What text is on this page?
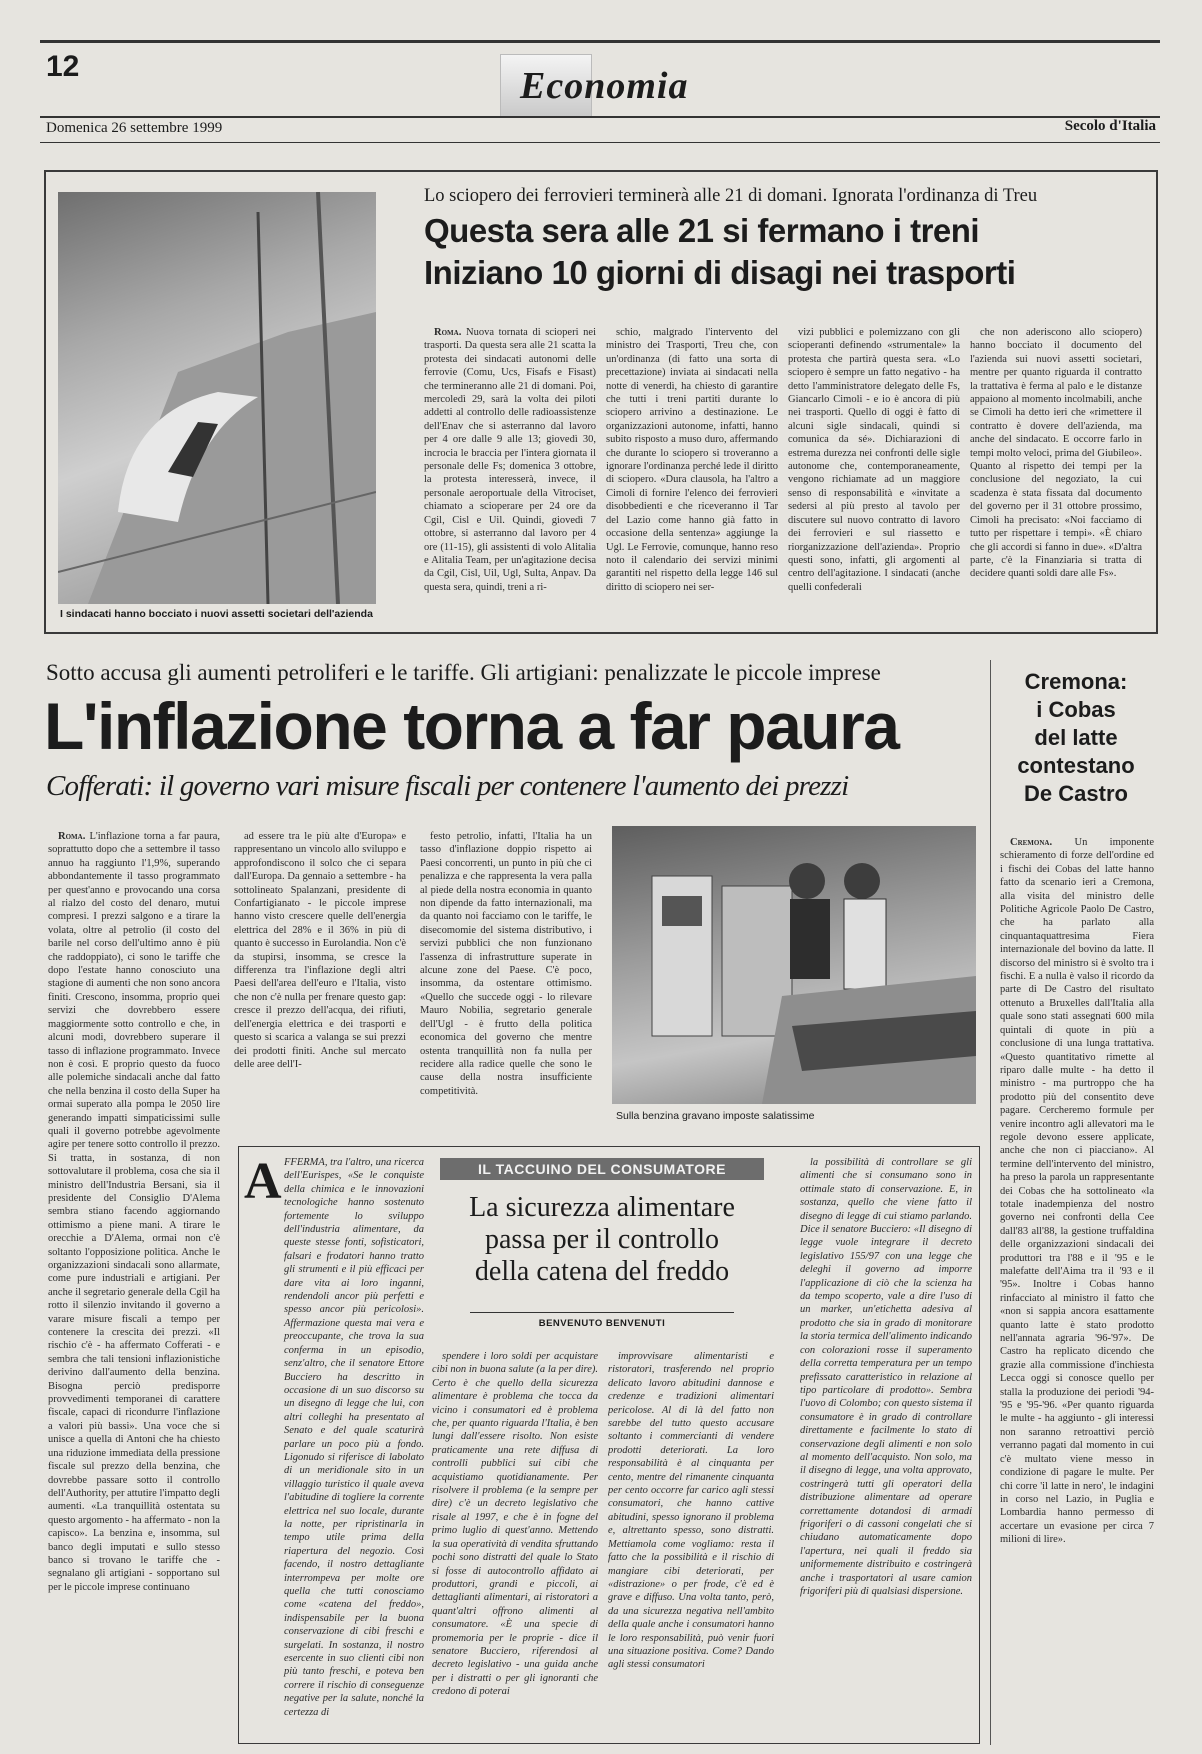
12	Economia
Domenica 26 settembre 1999	Secolo d'Italia
I sindacati hanno bocciato i nuovi assetti societari dell'azienda
Lo sciopero dei ferrovieri terminerà alle 21 di domani. Ignorata l'ordinanza di Treu
Questa sera alle 21 si fermano i treni
Iniziano 10 giorni di disagi nei trasporti

Roma. Nuova tornata di scioperi nei trasporti. Da questa sera alle 21 scatta la protesta dei sindacati autonomi delle ferrovie (Comu, Ucs, Fisafs e Fisast) che termineranno alle 21 di domani. Poi, mercoledì 29, sarà la volta dei piloti addetti al controllo delle radioassistenze dell'Enav che si asterranno dal lavoro per 4 ore dalle 9 alle 13; giovedì 30, incrocia le braccia per l'intera giornata il personale delle Fs; domenica 3 ottobre, la protesta interesserà, invece, il personale aeroportuale della Vitrociset, chiamato a scioperare per 24 ore da Cgil, Cisl e Uil. Quindi, giovedì 7 ottobre, si asterranno dal lavoro per 4 ore (11-15), gli assistenti di volo Alitalia e Alitalia Team, per un'agitazione decisa da Cgil, Cisl, Uil, Ugl, Sulta, Anpav. Da questa sera, quindi, treni a ri-

schio, malgrado l'intervento del ministro dei Trasporti, Treu che, con un'ordinanza (di fatto una sorta di precettazione) inviata ai sindacati nella notte di venerdì, ha chiesto di garantire che tutti i treni partiti durante lo sciopero arrivino a destinazione. Le organizzazioni autonome, infatti, hanno subito risposto a muso duro, affermando che durante lo sciopero si troveranno a ignorare l'ordinanza perché lede il diritto di sciopero. «Dura clausola, ha l'altro a Cimoli di fornire l'elenco dei ferrovieri disobbedienti e che riceveranno il Tar del Lazio come hanno già fatto in occasione della sentenza» aggiunge la Ugl. Le Ferrovie, comunque, hanno reso noto il calendario dei servizi minimi garantiti nel rispetto della legge 146 sul diritto di sciopero nei ser-

vizi pubblici e polemizzano con gli scioperanti definendo «strumentale» la protesta che partirà questa sera. «Lo sciopero è sempre un fatto negativo - ha detto l'amministratore delegato delle Fs, Giancarlo Cimoli - e io è ancora di più nei trasporti. Quello di oggi è fatto di alcuni sigle sindacali, quindi si comunica da sé». Dichiarazioni di estrema durezza nei confronti delle sigle autonome che, contemporaneamente, vengono richiamate ad un maggiore senso di responsabilità e «invitate a sedersi al più presto al tavolo per discutere sul nuovo contratto di lavoro dei ferrovieri e sul riassetto e riorganizzazione dell'azienda». Proprio questi sono, infatti, gli argomenti al centro dell'agitazione. I sindacati (anche quelli confederali

che non aderiscono allo sciopero) hanno bocciato il documento del l'azienda sui nuovi assetti societari, mentre per quanto riguarda il contratto la trattativa è ferma al palo e le distanze appaiono al momento incolmabili, anche se Cimoli ha detto ieri che «rimettere il contratto è dovere dell'azienda, ma anche del sindacato. E occorre farlo in tempi molto veloci, prima del Giubileo». Quanto al rispetto dei tempi per la conclusione del negoziato, la cui scadenza è stata fissata dal documento del governo per il 31 ottobre prossimo, Cimoli ha precisato: «Noi facciamo di tutto per rispettare i tempi». «È chiaro che gli accordi si fanno in due». «D'altra parte, c'è la Finanziaria si tratta di decidere quanti soldi dare alle Fs».

Sotto accusa gli aumenti petroliferi e le tariffe. Gli artigiani: penalizzate le piccole imprese
L'inflazione torna a far paura
Cofferati: il governo vari misure fiscali per contenere l'aumento dei prezzi

Roma. L'inflazione torna a far paura, soprattutto dopo che a settembre il tasso annuo ha raggiunto l'1,9%, superando abbondantemente il tasso programmato per quest'anno e provocando una corsa al rialzo del costo del denaro, mutui compresi. I prezzi salgono e a tirare la volata, oltre al petrolio (il costo del barile nel corso dell'ultimo anno è più che raddoppiato), ci sono le tariffe che dopo l'estate hanno conosciuto una stagione di aumenti che non sono ancora finiti. Crescono, insomma, proprio quei servizi che dovrebbero essere maggiormente sotto controllo e che, in alcuni modi, dovrebbero superare il tasso di inflazione programmato. Invece non è così. E proprio questo da fuoco alle polemiche sindacali anche dal fatto che nella benzina il costo della Super ha ormai superato alla pompa le 2050 lire generando impatti simpaticissimi sulle quali il governo potrebbe agevolmente agire per tenere sotto controllo il prezzo. Si tratta, in sostanza, di non sottovalutare il problema, cosa che sia il ministro dell'Industria Bersani, sia il presidente del Consiglio D'Alema sembra stiano facendo aggiornando ottimismo a piene mani. A tirare le orecchie a D'Alema, ormai non c'è soltanto l'opposizione politica. Anche le organizzazioni sindacali sono allarmate, come pure industriali e artigiani. Per anche il segretario generale della Cgil ha rotto il silenzio invitando il governo a varare misure fiscali a tempo per contenere la crescita dei prezzi. «Il rischio c'è - ha affermato Cofferati - e sembra che tali tensioni inflazionistiche derivino dall'aumento della benzina. Bisogna perciò predisporre provvedimenti temporanei di carattere fiscale, capaci di ricondurre l'inflazione a valori più bassi». Una voce che si unisce a quella di Antoni che ha chiesto una riduzione immediata della pressione fiscale sul prezzo della benzina, che dovrebbe passare sotto il controllo dell'Authority, per attutire l'impatto degli aumenti. «La tranquillità ostentata su questo argomento - ha affermato - non la capisco». La benzina e, insomma, sul banco degli imputati e sullo stesso banco si trovano le tariffe che - segnalano gli artigiani - sopportano sul per le piccole imprese continuano

ad essere tra le più alte d'Europa» e rappresentano un vincolo allo sviluppo e approfondiscono il solco che ci separa dall'Europa. Da gennaio a settembre - ha sottolineato Spalanzani, presidente di Confartigianato - le piccole imprese hanno visto crescere quelle dell'energia elettrica del 28% e il 36% in più di quanto è successo in Eurolandia. Non c'è da stupirsi, insomma, se cresce la differenza tra l'inflazione degli altri Paesi dell'area dell'euro e l'Italia, visto che non c'è nulla per frenare questo gap: cresce il prezzo dell'acqua, dei rifiuti, dell'energia elettrica e dei trasporti e questo si scarica a valanga se sui prezzi dei prodotti finiti. Anche sul mercato delle aree dell'I-

festo petrolio, infatti, l'Italia ha un tasso d'inflazione doppio rispetto ai Paesi concorrenti, un punto in più che ci penalizza e che rappresenta la vera palla al piede della nostra economia in quanto non dipende da fatto internazionali, ma da quanto noi facciamo con le tariffe, le disecomomie del sistema distributivo, i servizi pubblici che non funzionano l'assenza di infrastrutture superate in alcune zone del Paese. C'è poco, insomma, da ostentare ottimismo. «Quello che succede oggi - lo rilevare Mauro Nobilia, segretario generale dell'Ugl - è frutto della politica economica del governo che mentre ostenta tranquillità non fa nulla per recidere alla radice quelle che sono le cause della nostra insufficiente competitività.

Sulla benzina gravano imposte salatissime
Cremona:
i Cobas
del latte
contestano
De Castro

Cremona. Un imponente schieramento di forze dell'ordine ed i fischi dei Cobas del latte hanno fatto da scenario ieri a Cremona, alla visita del ministro delle Politiche Agricole Paolo De Castro, che ha parlato alla cinquantaquattresima Fiera internazionale del bovino da latte. Il discorso del ministro si è svolto tra i fischi. E a nulla è valso il ricordo da parte di De Castro del risultato ottenuto a Bruxelles dall'Italia alla quale sono stati assegnati 600 mila quintali di quote in più a conclusione di una lunga trattativa. «Questo quantitativo rimette al riparo dalle multe - ha detto il ministro - ma purtroppo che ha prodotto più del consentito deve pagare. Cercheremo formule per venire incontro agli allevatori ma le regole devono essere applicate, anche che non ci piacciano». Al termine dell'intervento del ministro, ha preso la parola un rappresentante dei Cobas che ha sottolineato «la totale inadempienza del nostro governo nei confronti della Cee dall'83 all'88, la gestione truffaldina delle organizzazioni sindacali dei produttori tra l'88 e il '95 e le malefatte dell'Aima tra il '93 e il '95». Inoltre i Cobas hanno rinfacciato al ministro il fatto che «non si sappia ancora esattamente quanto latte è stato prodotto nell'annata agraria '96-'97». De Castro ha replicato dicendo che grazie alla commissione d'inchiesta Lecca oggi si conosce quello per stalla la produzione dei periodi '94-'95 e '95-'96. «Per quanto riguarda le multe - ha aggiunto - gli interessi non saranno retroattivi perciò verranno pagati dal momento in cui c'è multato viene messo in condizione di pagare le multe. Per chi corre 'il latte in nero', le indagini in corso nel Lazio, in Puglia e Lombardia hanno permesso di accertare un evasione per circa 7 milioni di lire».

A FFERMA, tra l'altro, una ricerca dell'Eurispes, «Se le conquiste della chimica e le innovazioni tecnologiche hanno sostenuto fortemente lo sviluppo dell'industria alimentare, da queste stesse fonti, sofisticatori, falsari e frodatori hanno tratto gli strumenti e il più efficaci per dare vita ai loro inganni, rendendoli ancor più perfetti e spesso ancor più pericolosi». Affermazione questa mai vera e preoccupante, che trova la sua conferma in un episodio, senz'altro, che il senatore Ettore Bucciero ha descritto in occasione di un suo discorso su un disegno di legge che lui, con altri colleghi ha presentato al Senato e del quale scaturirà parlare un poco più a fondo. Ligonudo si riferisce di labolato di un meridionale sito in un villaggio turistico il quale aveva l'abitudine di togliere la corrente elettrica nel suo locale, durante la notte, per ripristinarla in tempo utile prima della riapertura del negozio. Così facendo, il nostro dettagliante interrompeva per molte ore quella che tutti conosciamo come «catena del freddo», indispensabile per la buona conservazione di cibi freschi e surgelati. In sostanza, il nostro esercente in suo clienti cibi non più tanto freschi, e poteva ben correre il rischio di conseguenze negative per la salute, nonché la certezza di

IL TACCUINO DEL CONSUMATORE
La sicurezza alimentare
passa per il controllo
della catena del freddo
BENVENUTO BENVENUTI

spendere i loro soldi per acquistare cibi non in buona salute (a la per dire). Certo è che quello della sicurezza alimentare è problema che tocca da vicino i consumatori ed è problema che, per quanto riguarda l'Italia, è ben lungi dall'essere risolto. Non esiste praticamente una rete diffusa di controlli pubblici sui cibi che acquistiamo quotidianamente. Per risolvere il problema (e la sempre per dire) c'è un decreto legislativo che risale al 1997, e che è in fogne del primo luglio di quest'anno. Mettendo la sua operatività di vendita sfruttando pochi sono distratti del quale lo Stato si fosse di autocontrollo affidato ai produttori, grandi e piccoli, ai dettaglianti alimentari, ai ristoratori a quant'altri offrono alimenti al consumatore. «È una specie di promemoria per le proprie - dice il senatore Bucciero, riferendosi al decreto legislativo - una guida anche per i distratti o per gli ignoranti che credono di poterai

improvvisare alimentaristi e ristoratori, trasferendo nel proprio delicato lavoro abitudini dannose e credenze e tradizioni alimentari pericolose. Al di là del fatto non sarebbe del tutto questo accusare soltanto i commercianti di vendere prodotti deteriorati. La loro responsabilità è al cinquanta per cento, mentre del rimanente cinquanta per cento occorre far carico agli stessi consumatori, che hanno cattive abitudini, spesso ignorano il problema e, altrettanto spesso, sono distratti. Mettiamola come vogliamo: resta il fatto che la possibilità e il rischio di mangiare cibi deteriorati, per «distrazione» o per frode, c'è ed è grave e diffuso. Una volta tanto, però, da una sicurezza negativa nell'ambito della quale anche i consumatori hanno le loro responsabilità, può venir fuori una situazione positiva. Come? Dando agli stessi consumatori

la possibilità di controllare se gli alimenti che si consumano sono in ottimale stato di conservazione. E, in sostanza, quello che viene fatto il disegno di legge di cui stiamo parlando. Dice il senatore Bucciero: «Il disegno di legge vuole integrare il decreto legislativo 155/97 con una legge che deleghi il governo ad imporre l'applicazione di ciò che la scienza ha da tempo scoperto, vale a dire l'uso di un marker, un'etichetta adesiva al prodotto che sia in grado di monitorare la storia termica dell'alimento indicando con colorazioni rosse il superamento della corretta temperatura per un tempo prefissato caratteristico in relazione al tipo particolare di prodotto». Sembra l'uovo di Colombo; con questo sistema il consumatore è in grado di controllare direttamente e facilmente lo stato di conservazione degli alimenti e non solo al momento dell'acquisto. Non solo, ma il disegno di legge, una volta approvato, costringerà tutti gli operatori della distribuzione alimentare ad operare correttamente dotandosi di armadi frigoriferi o di cassoni congelati che si chiudano automaticamente dopo l'apertura, nei quali il freddo sia uniformemente distribuito e costringerà anche i trasportatori al usare camion frigoriferi più di qualsiasi dispersione.
